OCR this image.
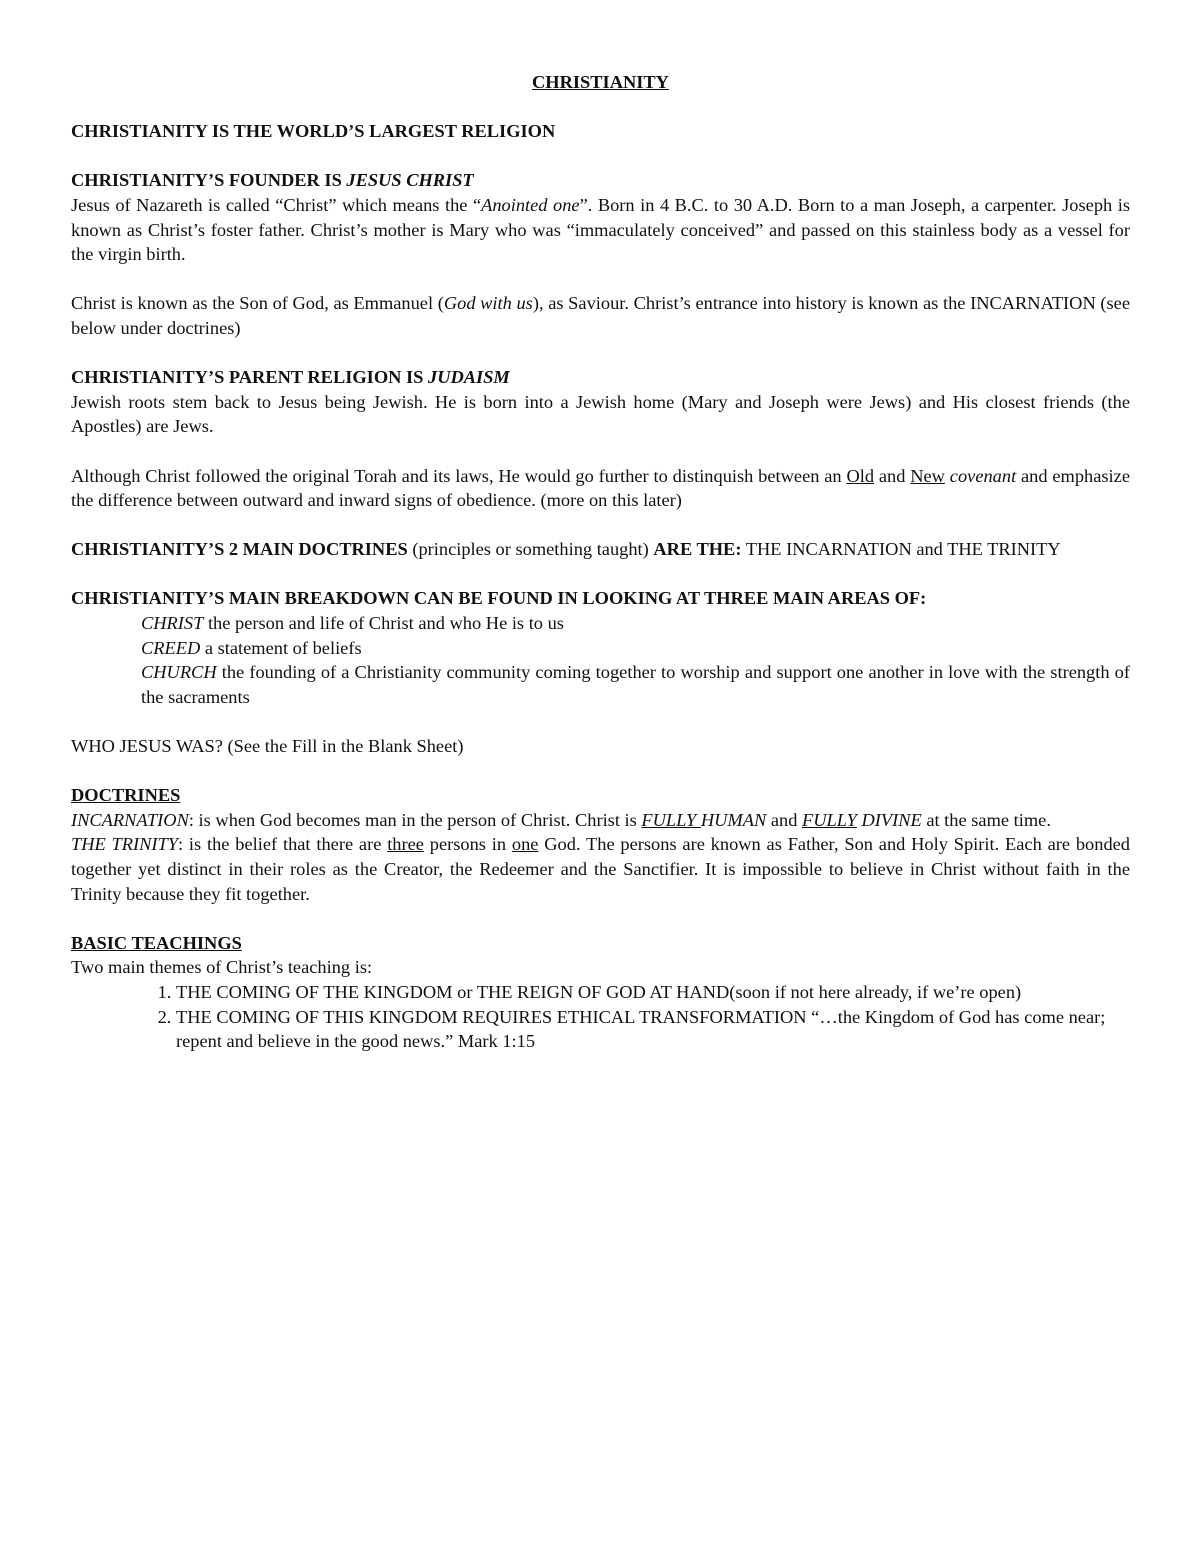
CHRISTIANITY

CHRISTIANITY IS THE WORLD’S LARGEST RELIGION

CHRISTIANITY’S FOUNDER IS JESUS CHRIST

Jesus of Nazareth is called “Christ” which means the “Anointed one”. Born in 4 B.C. to 30 A.D. Born to a man Joseph, a carpenter. Joseph is known as Christ’s foster father. Christ’s mother is Mary who was “immaculately conceived” and passed on this stainless body as a vessel for the virgin birth.

Christ is known as the Son of God, as Emmanuel (God with us), as Saviour. Christ’s entrance into history is known as the INCARNATION (see below under doctrines)

CHRISTIANITY’S PARENT RELIGION IS JUDAISM

Jewish roots stem back to Jesus being Jewish. He is born into a Jewish home (Mary and Joseph were Jews) and His closest friends (the Apostles) are Jews.

Although Christ followed the original Torah and its laws, He would go further to distinquish between an Old and New covenant and emphasize the difference between outward and inward signs of obedience. (more on this later)

CHRISTIANITY’S 2 MAIN DOCTRINES (principles or something taught) ARE THE: THE INCARNATION and THE TRINITY

CHRISTIANITY’S MAIN BREAKDOWN CAN BE FOUND IN LOOKING AT THREE MAIN AREAS OF:

CHRIST the person and life of Christ and who He is to us

CREED a statement of beliefs

CHURCH the founding of a Christianity community coming together to worship and support one another in love with the strength of the sacraments

WHO JESUS WAS? (See the Fill in the Blank Sheet)

DOCTRINES

INCARNATION: is when God becomes man in the person of Christ. Christ is FULLY HUMAN and FULLY DIVINE at the same time.

THE TRINITY: is the belief that there are three persons in one God. The persons are known as Father, Son and Holy Spirit. Each are bonded together yet distinct in their roles as the Creator, the Redeemer and the Sanctifier. It is impossible to believe in Christ without faith in the Trinity because they fit together.

BASIC TEACHINGS

Two main themes of Christ’s teaching is:

1. THE COMING OF THE KINGDOM or THE REIGN OF GOD AT HAND(soon if not here already, if we’re open)
2. THE COMING OF THIS KINGDOM REQUIRES ETHICAL TRANSFORMATION “…the Kingdom of God has come near; repent and believe in the good news.” Mark 1:15
